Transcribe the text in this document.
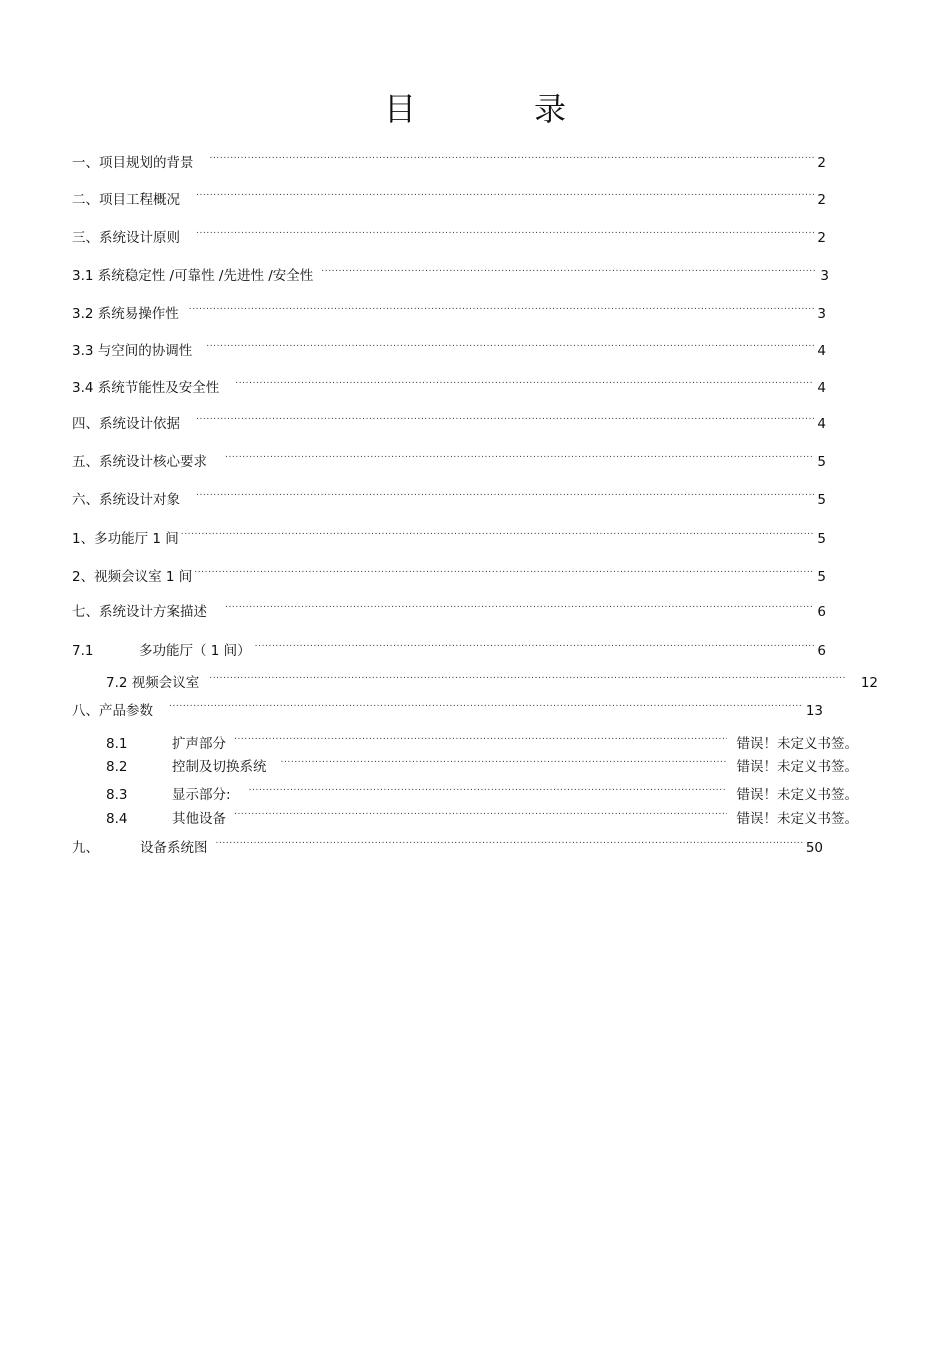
目	录
一、项目规划的背景 .....	2
二、项目工程概况 .....	2
三、系统设计原则 .....	2
3.1 系统稳定性 /可靠性 /先进性 /安全性 .....	3
3.2 系统易操作性 .....	3
3.3 与空间的协调性 .....	4
3.4 系统节能性及安全性 .....	4
四、系统设计依据 .....	4
五、系统设计核心要求 .....	5
六、系统设计对象 .....	5
1、多功能厅 1 间 .....	5
2、视频会议室 1 间 .....	5
七、系统设计方案描述 .....	6
7.1	多功能厅（ 1 间） .....	6
7.2 视频会议室 .....	12
八、产品参数 .....	13
8.1	扩声部分 .....	错误！未定义书签。
8.2	控制及切换系统 .....	错误！未定义书签。
8.3	显示部分: .....	错误！未定义书签。
8.4	其他设备 .....	错误！未定义书签。
九、	设备系统图 .....	50
